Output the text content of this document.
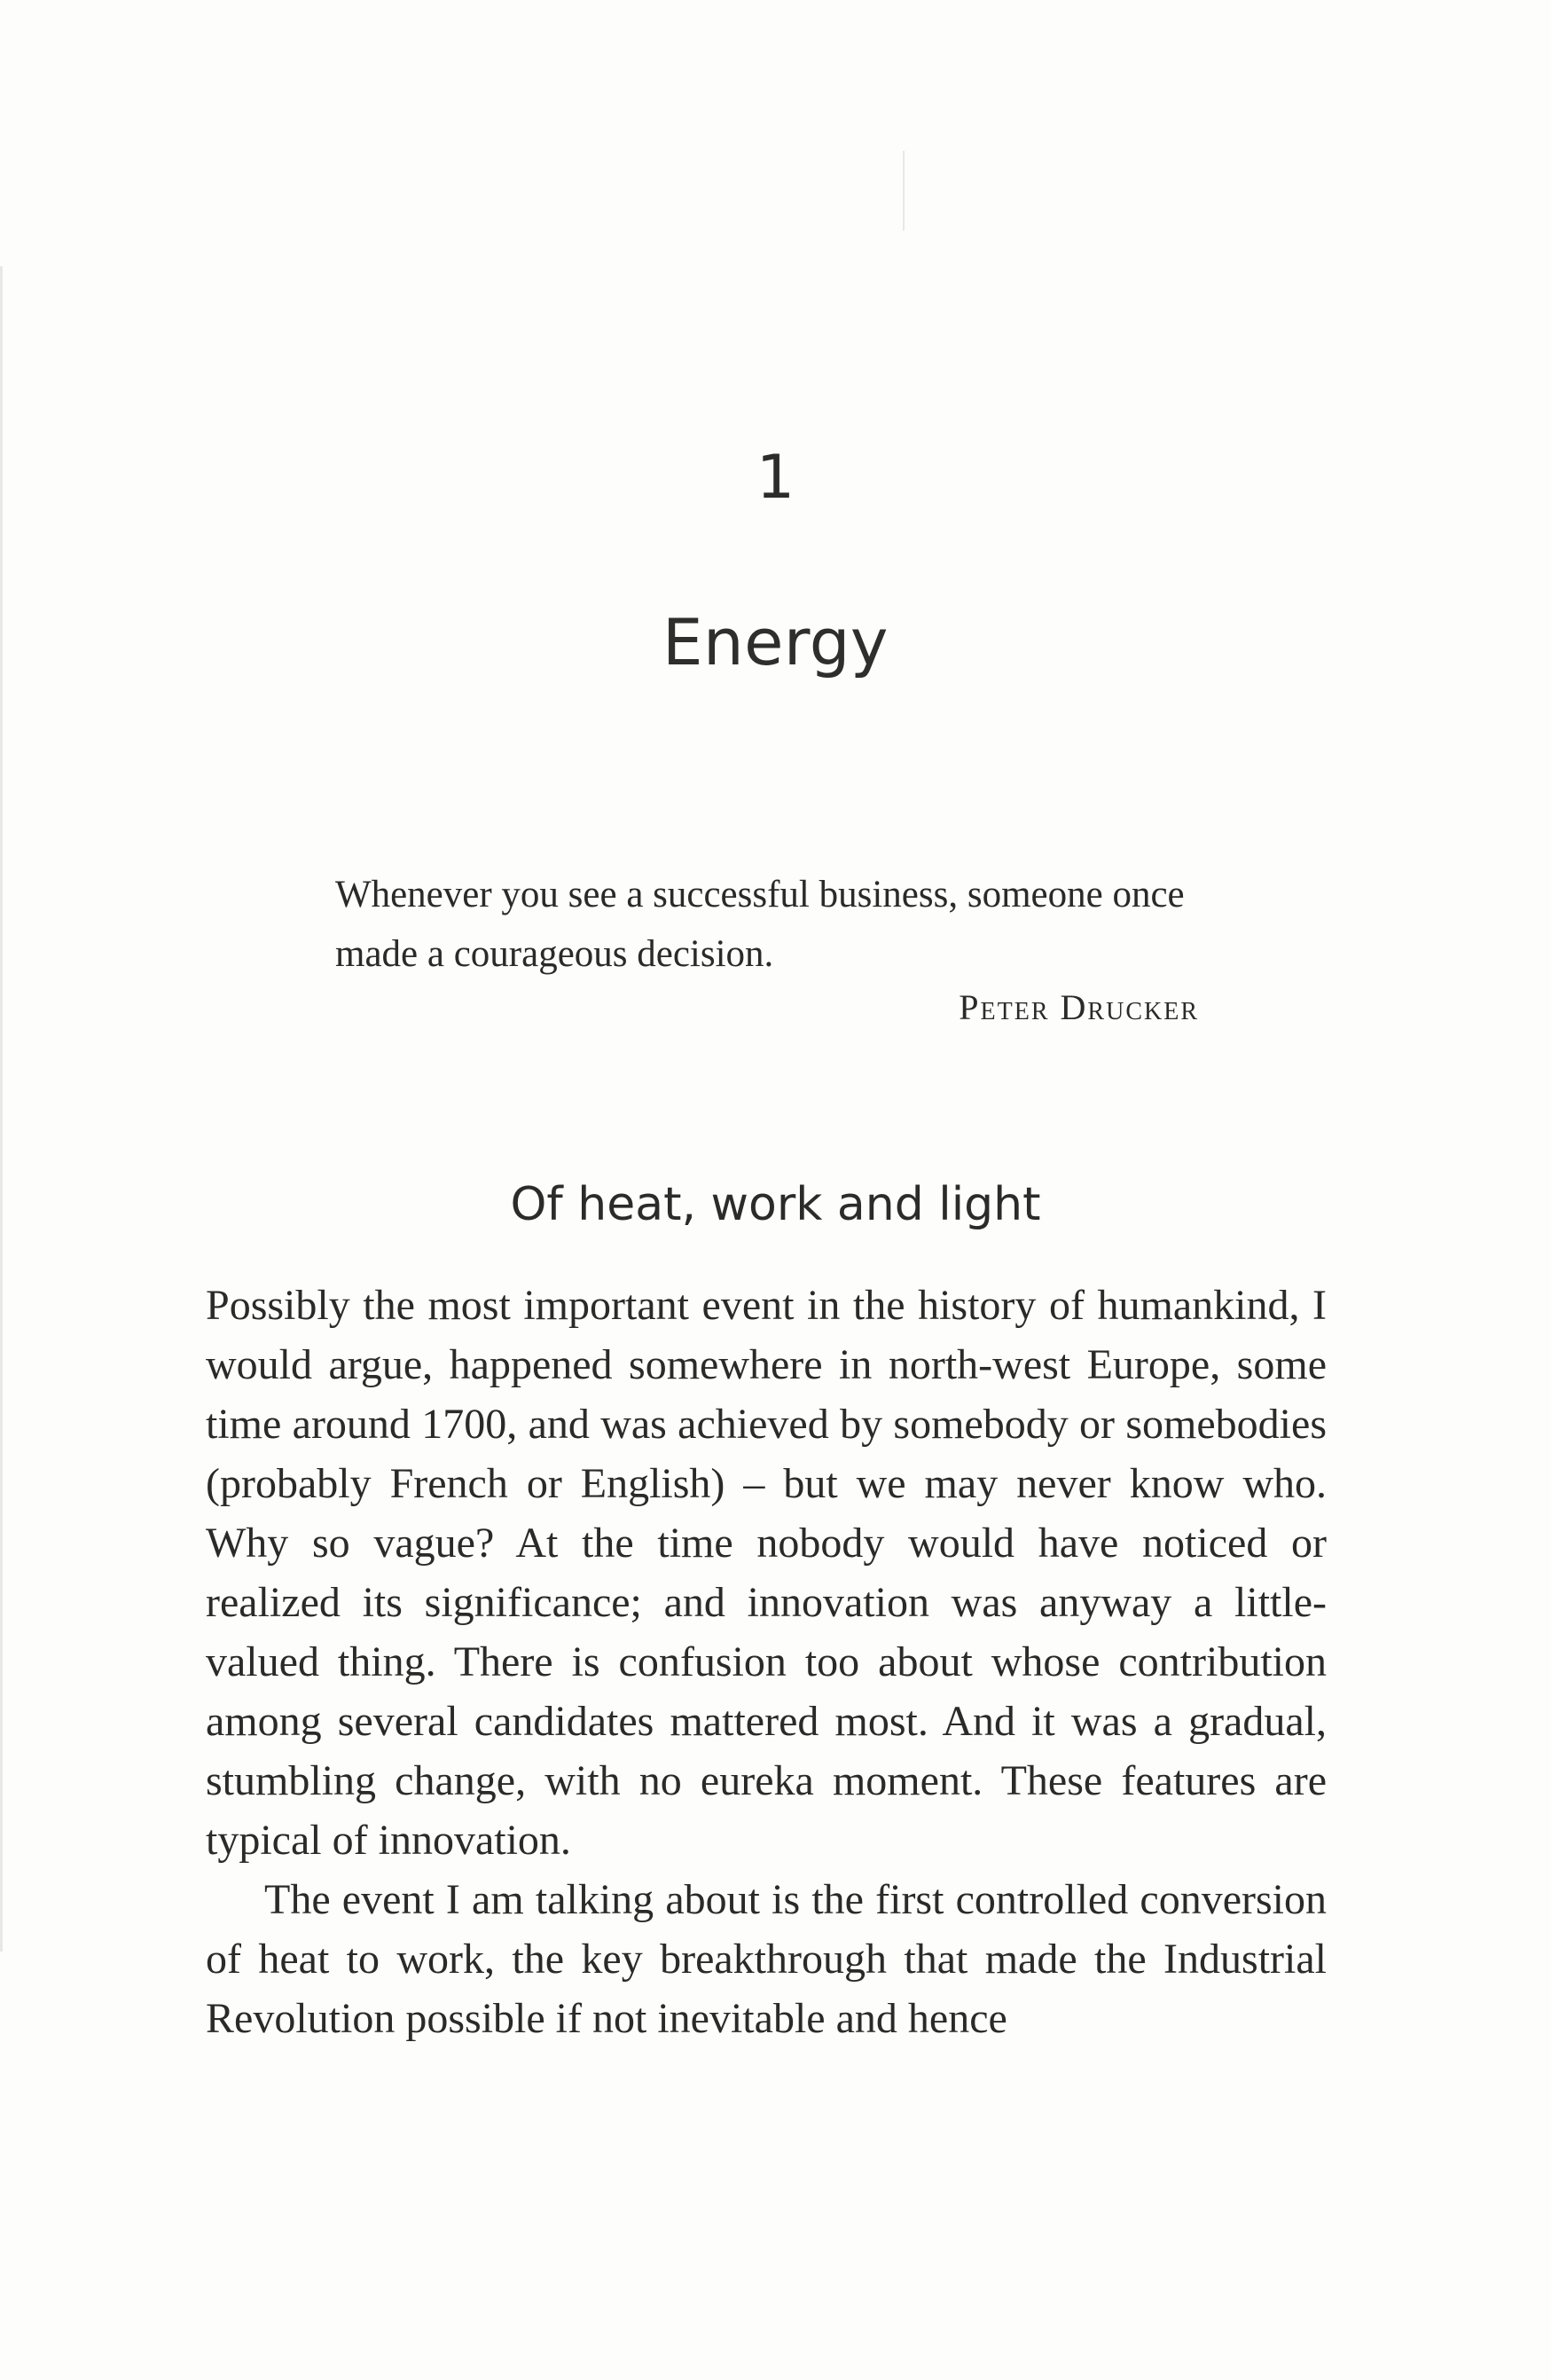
1
Energy

Whenever you see a successful business, someone once made a courageous decision.

Peter Drucker

Of heat, work and light

Possibly the most important event in the history of humankind, I would argue, happened somewhere in north-west Europe, some time around 1700, and was achieved by somebody or somebodies (probably French or English) – but we may never know who. Why so vague? At the time nobody would have noticed or realized its significance; and innovation was anyway a little-valued thing. There is confusion too about whose contribution among several candidates mattered most. And it was a gradual, stumbling change, with no eureka moment. These features are typical of innovation.

The event I am talking about is the first controlled conversion of heat to work, the key breakthrough that made the Industrial Revolution possible if not inevitable and hence
